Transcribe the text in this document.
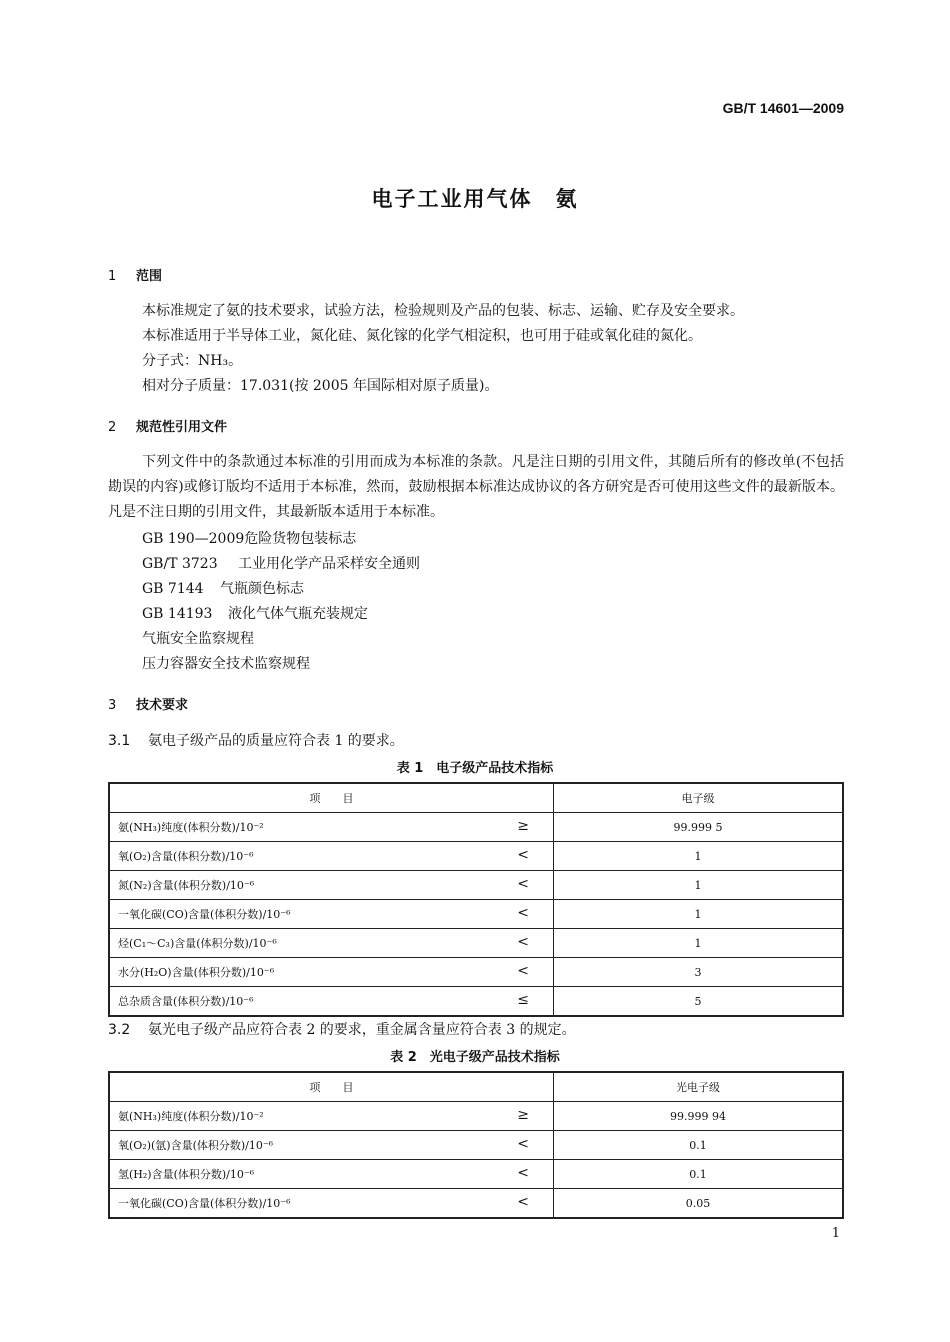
GB/T 14601—2009
电子工业用气体　氨
1 范围
本标准规定了氨的技术要求，试验方法，检验规则及产品的包装、标志、运输、贮存及安全要求。
本标准适用于半导体工业，氮化硅、氮化镓的化学气相淀积，也可用于硅或氧化硅的氮化。
分子式：NH₃。
相对分子质量：17.031(按 2005 年国际相对原子质量)。
2 规范性引用文件
下列文件中的条款通过本标准的引用而成为本标准的条款。凡是注日期的引用文件，其随后所有的修改单(不包括勘误的内容)或修订版均不适用于本标准，然而，鼓励根据本标准达成协议的各方研究是否可使用这些文件的最新版本。凡是不注日期的引用文件，其最新版本适用于本标准。
GB 190—2009危险货物包装标志
GB/T 3723 工业用化学产品采样安全通则
GB 7144 气瓶颜色标志
GB 14193 液化气体气瓶充装规定
气瓶安全监察规程
压力容器安全技术监察规程
3 技术要求
3.1 氨电子级产品的质量应符合表 1 的要求。
表 1　电子级产品技术指标
项　　目	电子级
氨(NH₃)纯度(体积分数)/10⁻² ≥	99.999 5
氧(O₂)含量(体积分数)/10⁻⁶ <	1
氮(N₂)含量(体积分数)/10⁻⁶ <	1
一氧化碳(CO)含量(体积分数)/10⁻⁶ <	1
烃(C₁～C₃)含量(体积分数)/10⁻⁶ <	1
水分(H₂O)含量(体积分数)/10⁻⁶ <	3
总杂质含量(体积分数)/10⁻⁶ ≤	5
3.2 氨光电子级产品应符合表 2 的要求，重金属含量应符合表 3 的规定。
表 2　光电子级产品技术指标
项　　目	光电子级
氨(NH₃)纯度(体积分数)/10⁻² ≥	99.999 94
氧(O₂)(氩)含量(体积分数)/10⁻⁶ <	0.1
氢(H₂)含量(体积分数)/10⁻⁶ <	0.1
一氧化碳(CO)含量(体积分数)/10⁻⁶ <	0.05
1
